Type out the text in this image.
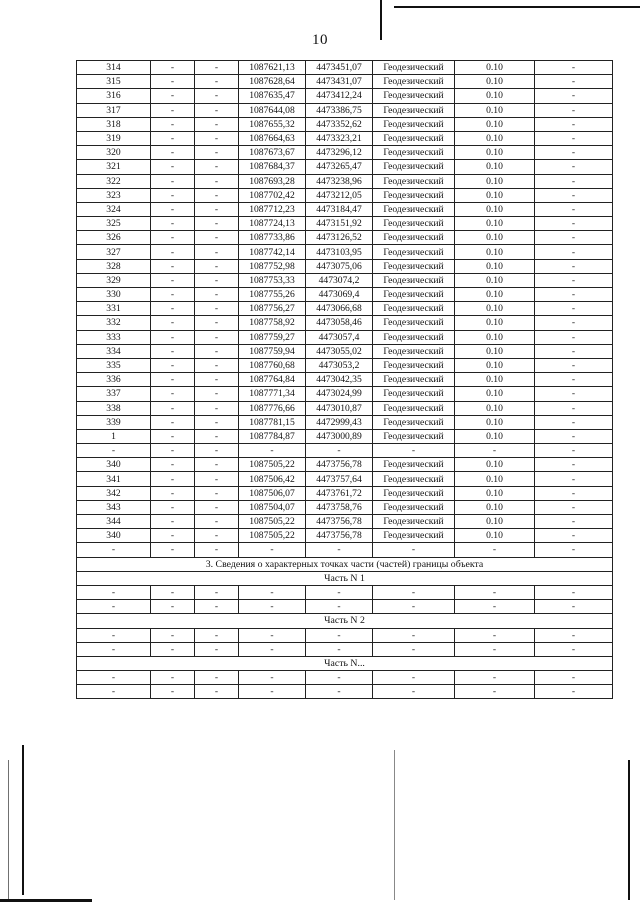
10
314	-	-	1087621,13	4473451,07	Геодезический	0.10	-
315	-	-	1087628,64	4473431,07	Геодезический	0.10	-
316	-	-	1087635,47	4473412,24	Геодезический	0.10	-
317	-	-	1087644,08	4473386,75	Геодезический	0.10	-
318	-	-	1087655,32	4473352,62	Геодезический	0.10	-
319	-	-	1087664,63	4473323,21	Геодезический	0.10	-
320	-	-	1087673,67	4473296,12	Геодезический	0.10	-
321	-	-	1087684,37	4473265,47	Геодезический	0.10	-
322	-	-	1087693,28	4473238,96	Геодезический	0.10	-
323	-	-	1087702,42	4473212,05	Геодезический	0.10	-
324	-	-	1087712,23	4473184,47	Геодезический	0.10	-
325	-	-	1087724,13	4473151,92	Геодезический	0.10	-
326	-	-	1087733,86	4473126,52	Геодезический	0.10	-
327	-	-	1087742,14	4473103,95	Геодезический	0.10	-
328	-	-	1087752,98	4473075,06	Геодезический	0.10	-
329	-	-	1087753,33	4473074,2	Геодезический	0.10	-
330	-	-	1087755,26	4473069,4	Геодезический	0.10	-
331	-	-	1087756,27	4473066,68	Геодезический	0.10	-
332	-	-	1087758,92	4473058,46	Геодезический	0.10	-
333	-	-	1087759,27	4473057,4	Геодезический	0.10	-
334	-	-	1087759,94	4473055,02	Геодезический	0.10	-
335	-	-	1087760,68	4473053,2	Геодезический	0.10	-
336	-	-	1087764,84	4473042,35	Геодезический	0.10	-
337	-	-	1087771,34	4473024,99	Геодезический	0.10	-
338	-	-	1087776,66	4473010,87	Геодезический	0.10	-
339	-	-	1087781,15	4472999,43	Геодезический	0.10	-
1	-	-	1087784,87	4473000,89	Геодезический	0.10	-
-	-	-	-	-	-	-	-
340	-	-	1087505,22	4473756,78	Геодезический	0.10	-
341	-	-	1087506,42	4473757,64	Геодезический	0.10	-
342	-	-	1087506,07	4473761,72	Геодезический	0.10	-
343	-	-	1087504,07	4473758,76	Геодезический	0.10	-
344	-	-	1087505,22	4473756,78	Геодезический	0.10	-
340	-	-	1087505,22	4473756,78	Геодезический	0.10	-
-	-	-	-	-	-	-	-
3. Сведения о характерных точках части (частей) границы объекта							
Часть N 1							
-	-	-	-	-	-	-	-
-	-	-	-	-	-	-	-
Часть N 2							
-	-	-	-	-	-	-	-
-	-	-	-	-	-	-	-
Часть N...							
-	-	-	-	-	-	-	-
-	-	-	-	-	-	-	-
